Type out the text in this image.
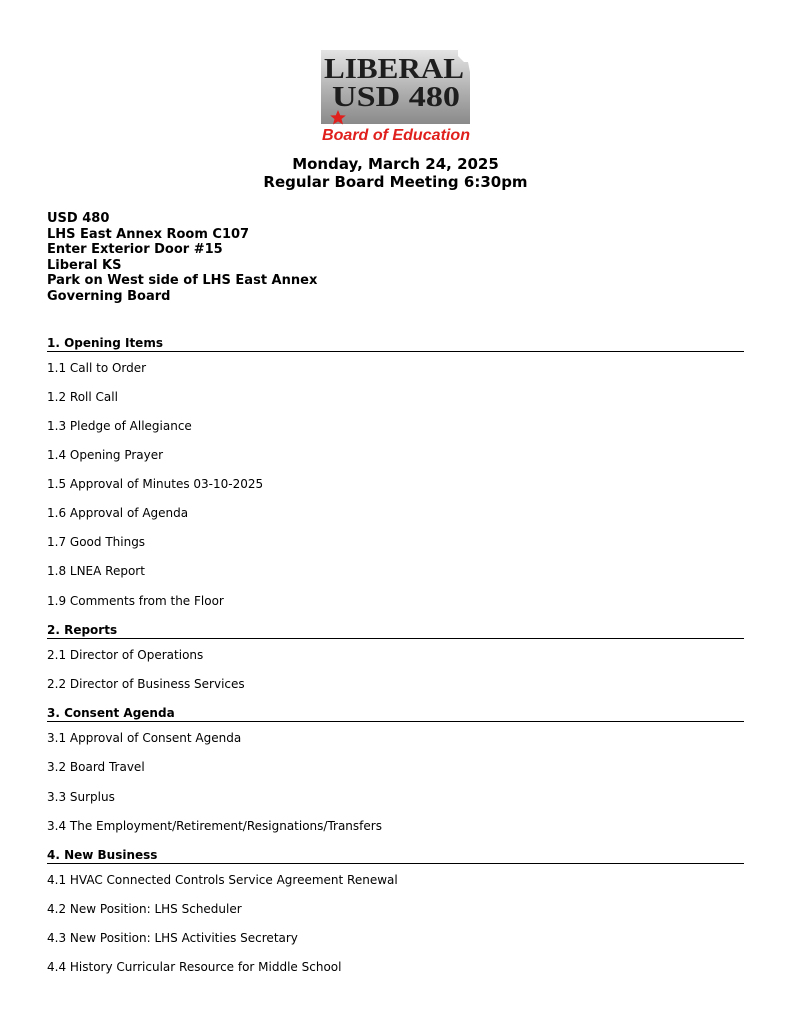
LIBERAL
USD 480
Board of Education
Monday, March 24, 2025
Regular Board Meeting 6:30pm
USD 480
LHS East Annex Room C107
Enter Exterior Door #15
Liberal KS
Park on West side of LHS East Annex
Governing Board
1. Opening Items
1.1 Call to Order
1.2 Roll Call
1.3 Pledge of Allegiance
1.4 Opening Prayer
1.5 Approval of Minutes 03-10-2025
1.6 Approval of Agenda
1.7 Good Things
1.8 LNEA Report
1.9 Comments from the Floor
2. Reports
2.1 Director of Operations
2.2 Director of Business Services
3. Consent Agenda
3.1 Approval of Consent Agenda
3.2 Board Travel
3.3 Surplus
3.4 The Employment/Retirement/Resignations/Transfers
4. New Business
4.1 HVAC Connected Controls Service Agreement Renewal
4.2 New Position: LHS Scheduler
4.3 New Position: LHS Activities Secretary
4.4 History Curricular Resource for Middle School
